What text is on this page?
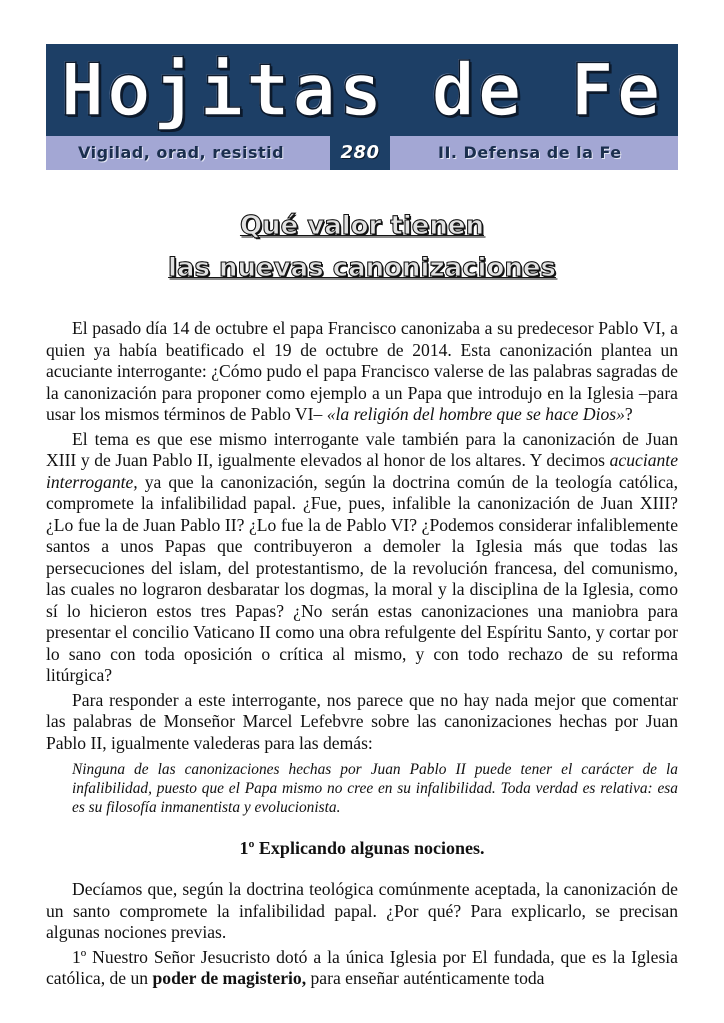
Hojitas de Fe
Vigilad, orad, resistid	280	II. Defensa de la Fe
Qué valor tienen
las nuevas canonizaciones

El pasado día 14 de octubre el papa Francisco canonizaba a su predecesor Pablo VI, a quien ya había beatificado el 19 de octubre de 2014. Esta canonización plantea un acuciante interrogante: ¿Cómo pudo el papa Francisco valerse de las palabras sagradas de la canonización para proponer como ejemplo a un Papa que introdujo en la Iglesia –para usar los mismos términos de Pablo VI– «la religión del hombre que se hace Dios»?

El tema es que ese mismo interrogante vale también para la canonización de Juan XIII y de Juan Pablo II, igualmente elevados al honor de los altares. Y decimos acuciante interrogante, ya que la canonización, según la doctrina común de la teología católica, compromete la infalibilidad papal. ¿Fue, pues, infalible la canonización de Juan XIII? ¿Lo fue la de Juan Pablo II? ¿Lo fue la de Pablo VI? ¿Podemos considerar infaliblemente santos a unos Papas que contribuyeron a demoler la Iglesia más que todas las persecuciones del islam, del protestantismo, de la revolución francesa, del comunismo, las cuales no lograron desbaratar los dogmas, la moral y la disciplina de la Iglesia, como sí lo hicieron estos tres Papas? ¿No serán estas canonizaciones una maniobra para presentar el concilio Vaticano II como una obra refulgente del Espíritu Santo, y cortar por lo sano con toda oposición o crítica al mismo, y con todo rechazo de su reforma litúrgica?

Para responder a este interrogante, nos parece que no hay nada mejor que comentar las palabras de Monseñor Marcel Lefebvre sobre las canonizaciones hechas por Juan Pablo II, igualmente valederas para las demás:

Ninguna de las canonizaciones hechas por Juan Pablo II puede tener el carácter de la infalibilidad, puesto que el Papa mismo no cree en su infalibilidad. Toda verdad es relativa: esa es su filosofía inmanentista y evolucionista.

1º Explicando algunas nociones.

Decíamos que, según la doctrina teológica comúnmente aceptada, la canonización de un santo compromete la infalibilidad papal. ¿Por qué? Para explicarlo, se precisan algunas nociones previas.

1º Nuestro Señor Jesucristo dotó a la única Iglesia por El fundada, que es la Iglesia católica, de un poder de magisterio, para enseñar auténticamente toda
